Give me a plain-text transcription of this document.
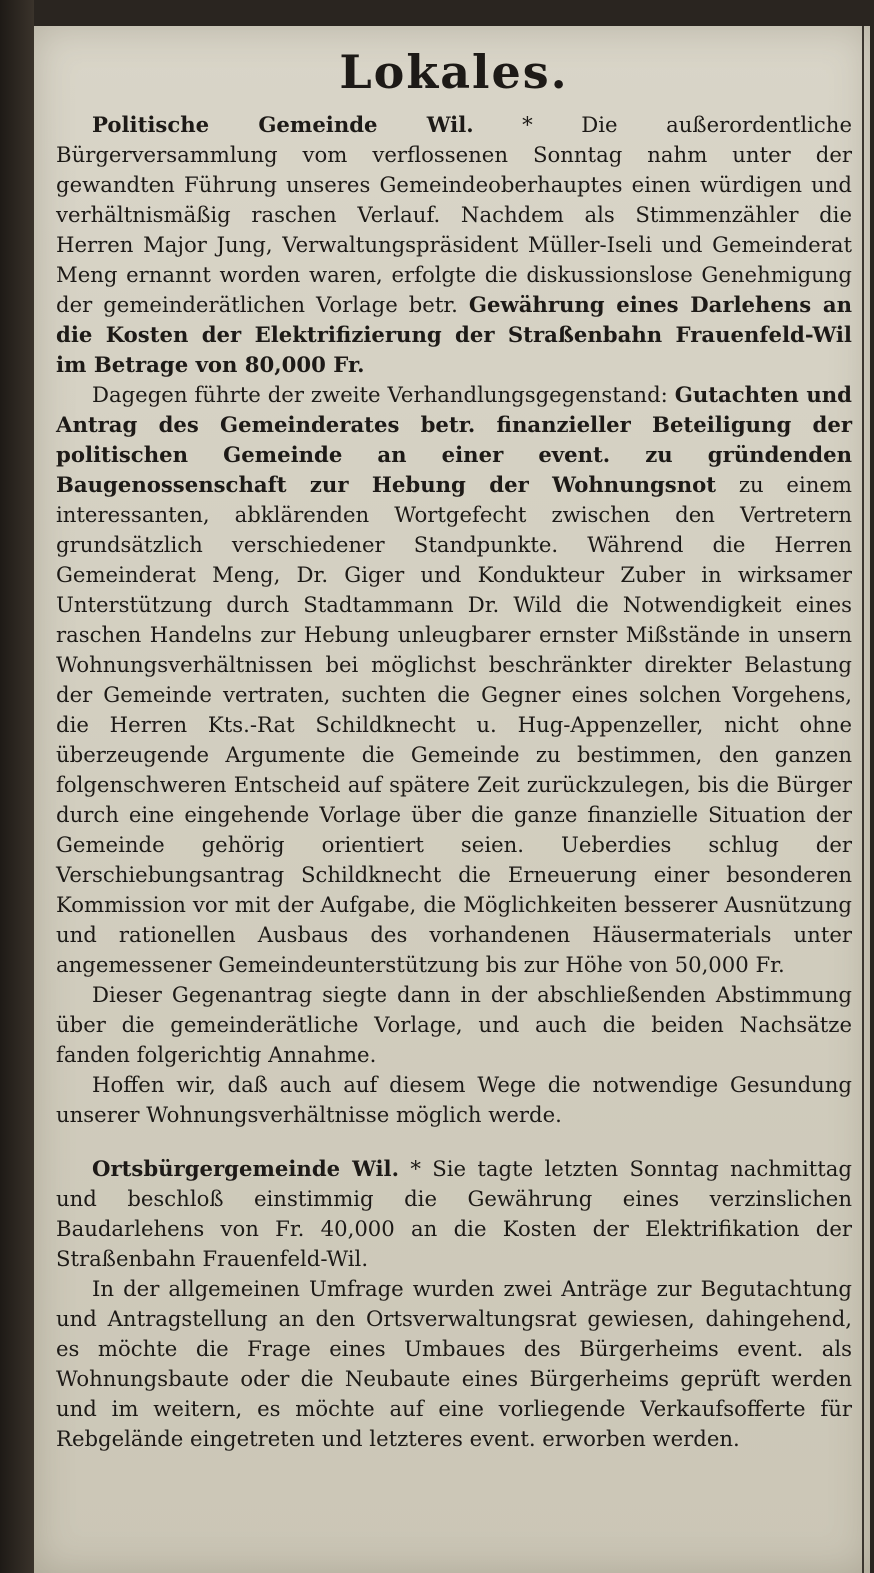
Lokales.

Politische Gemeinde Wil. * Die außerordentliche Bürgerversammlung vom verflossenen Sonntag nahm unter der gewandten Führung unseres Gemeindeoberhauptes einen würdigen und verhältnismäßig raschen Verlauf. Nachdem als Stimmenzähler die Herren Major Jung, Verwaltungspräsident Müller-Iseli und Gemeinderat Meng ernannt worden waren, erfolgte die diskussionslose Genehmigung der gemeinderätlichen Vorlage betr. Gewährung eines Darlehens an die Kosten der Elektrifizierung der Straßenbahn Frauenfeld-Wil im Betrage von 80,000 Fr.

Dagegen führte der zweite Verhandlungsgegenstand: Gutachten und Antrag des Gemeinderates betr. finanzieller Beteiligung der politischen Gemeinde an einer event. zu gründenden Baugenossenschaft zur Hebung der Wohnungsnot zu einem interessanten, abklärenden Wortgefecht zwischen den Vertretern grundsätzlich verschiedener Standpunkte. Während die Herren Gemeinderat Meng, Dr. Giger und Kondukteur Zuber in wirksamer Unterstützung durch Stadtammann Dr. Wild die Notwendigkeit eines raschen Handelns zur Hebung unleugbarer ernster Mißstände in unsern Wohnungsverhältnissen bei möglichst beschränkter direkter Belastung der Gemeinde vertraten, suchten die Gegner eines solchen Vorgehens, die Herren Kts.-Rat Schildknecht u. Hug-Appenzeller, nicht ohne überzeugende Argumente die Gemeinde zu bestimmen, den ganzen folgenschweren Entscheid auf spätere Zeit zurückzulegen, bis die Bürger durch eine eingehende Vorlage über die ganze finanzielle Situation der Gemeinde gehörig orientiert seien. Ueberdies schlug der Verschiebungsantrag Schildknecht die Erneuerung einer besonderen Kommission vor mit der Aufgabe, die Möglichkeiten besserer Ausnützung und rationellen Ausbaus des vorhandenen Häusermaterials unter angemessener Gemeindeunterstützung bis zur Höhe von 50,000 Fr.

Dieser Gegenantrag siegte dann in der abschließenden Abstimmung über die gemeinderätliche Vorlage, und auch die beiden Nachsätze fanden folgerichtig Annahme.

Hoffen wir, daß auch auf diesem Wege die notwendige Gesundung unserer Wohnungsverhältnisse möglich werde.

Ortsbürgergemeinde Wil. * Sie tagte letzten Sonntag nachmittag und beschloß einstimmig die Gewährung eines verzinslichen Baudarlehens von Fr. 40,000 an die Kosten der Elektrifikation der Straßenbahn Frauenfeld-Wil.

In der allgemeinen Umfrage wurden zwei Anträge zur Begutachtung und Antragstellung an den Ortsverwaltungsrat gewiesen, dahingehend, es möchte die Frage eines Umbaues des Bürgerheims event. als Wohnungsbaute oder die Neubaute eines Bürgerheims geprüft werden und im weitern, es möchte auf eine vorliegende Verkaufsofferte für Rebgelände eingetreten und letzteres event. erworben werden.
